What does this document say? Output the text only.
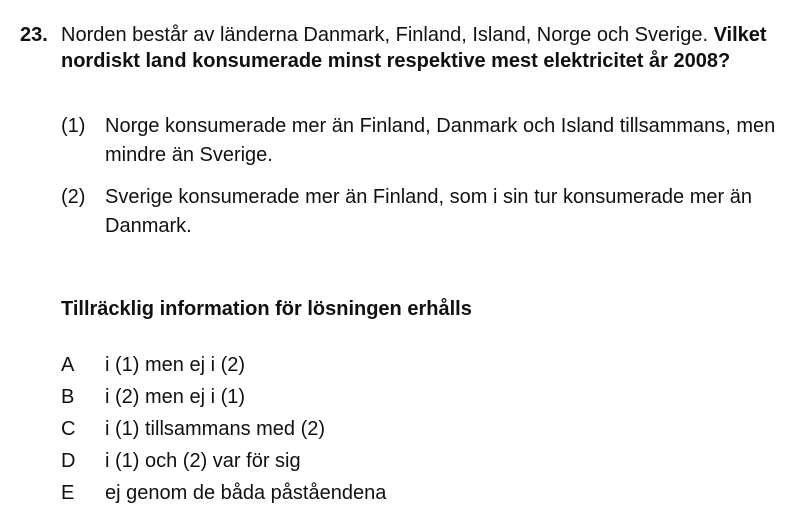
23. Norden består av länderna Danmark, Finland, Island, Norge och Sverige. Vilket nordiskt land konsumerade minst respektive mest elektricitet år 2008?
(1) Norge konsumerade mer än Finland, Danmark och Island tillsammans, men mindre än Sverige.
(2) Sverige konsumerade mer än Finland, som i sin tur konsumerade mer än Danmark.
Tillräcklig information för lösningen erhålls
A i (1) men ej i (2)
B i (2) men ej i (1)
C i (1) tillsammans med (2)
D i (1) och (2) var för sig
E ej genom de båda påståendena
